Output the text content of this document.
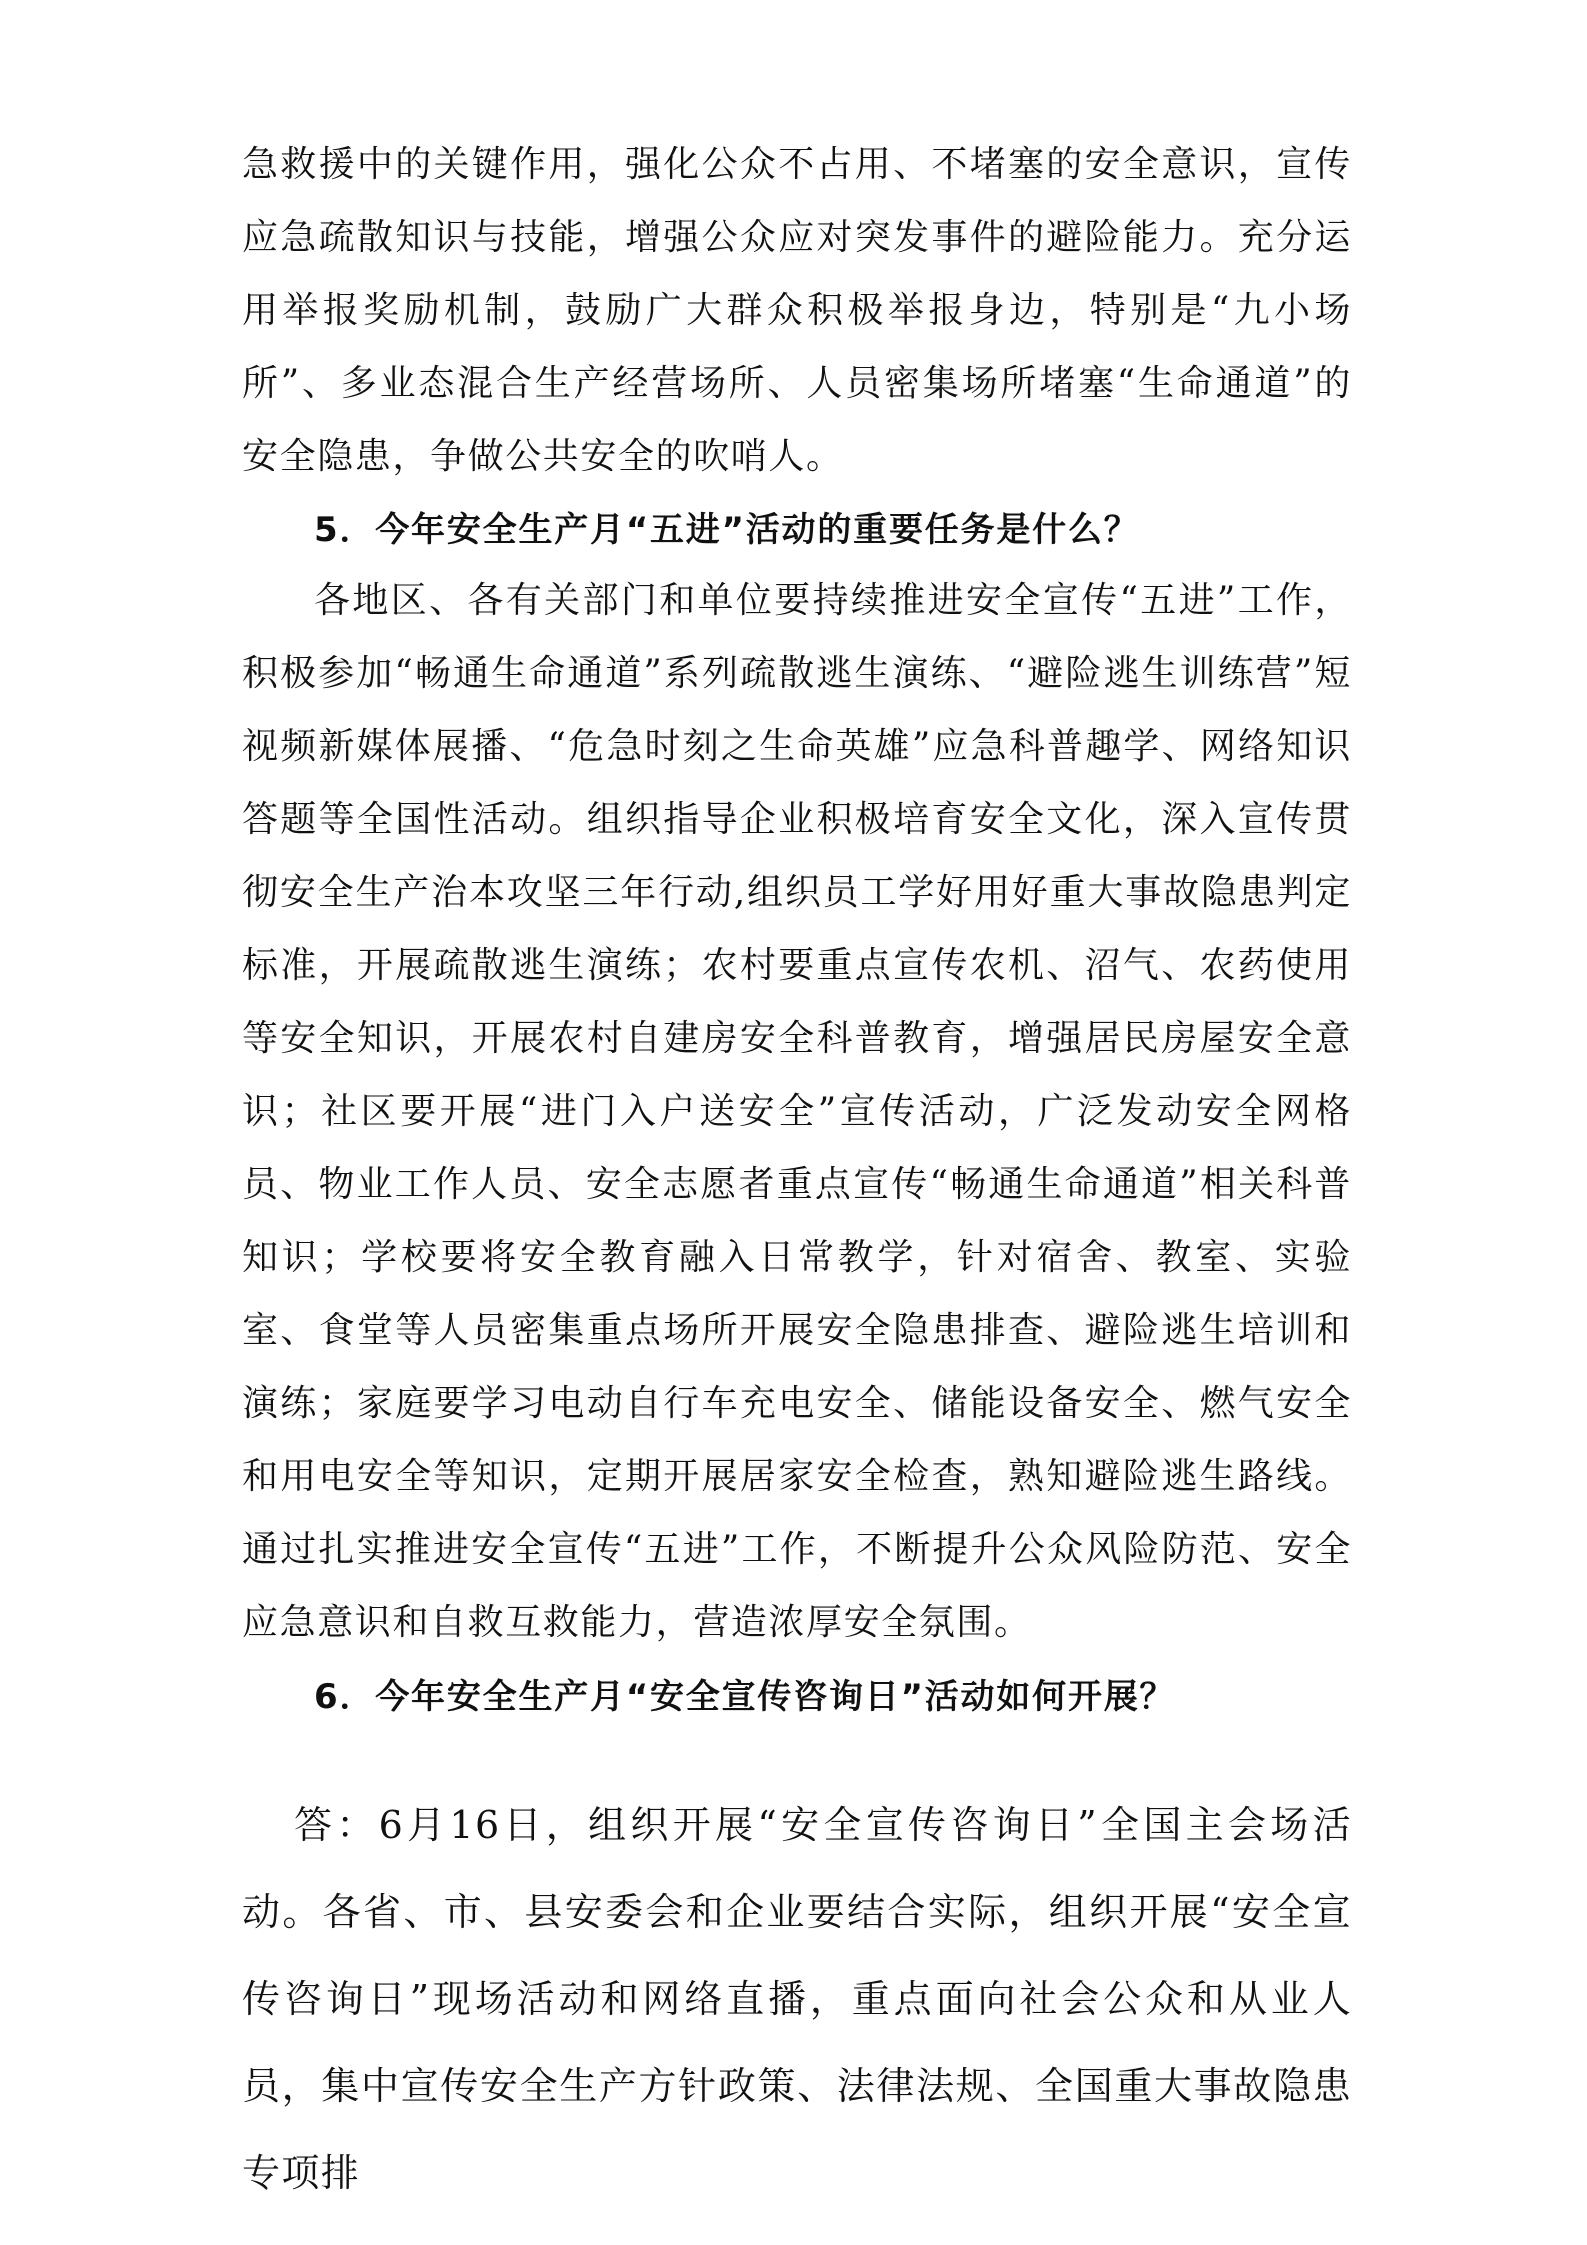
急救援中的关键作用，强化公众不占用、不堵塞的安全意识，宣传应急疏散知识与技能，增强公众应对突发事件的避险能力。充分运用举报奖励机制，鼓励广大群众积极举报身边，特别是“九小场所”、多业态混合生产经营场所、人员密集场所堵塞“生命通道”的安全隐患，争做公共安全的吹哨人。

5．今年安全生产月“五进”活动的重要任务是什么？

各地区、各有关部门和单位要持续推进安全宣传“五进”工作，积极参加“畅通生命通道”系列疏散逃生演练、“避险逃生训练营”短视频新媒体展播、“危急时刻之生命英雄”应急科普趣学、网络知识答题等全国性活动。组织指导企业积极培育安全文化，深入宣传贯彻安全生产治本攻坚三年行动,组织员工学好用好重大事故隐患判定标准，开展疏散逃生演练；农村要重点宣传农机、沼气、农药使用等安全知识，开展农村自建房安全科普教育，增强居民房屋安全意识；社区要开展“进门入户送安全”宣传活动，广泛发动安全网格员、物业工作人员、安全志愿者重点宣传“畅通生命通道”相关科普知识；学校要将安全教育融入日常教学，针对宿舍、教室、实验室、食堂等人员密集重点场所开展安全隐患排查、避险逃生培训和演练；家庭要学习电动自行车充电安全、储能设备安全、燃气安全和用电安全等知识，定期开展居家安全检查，熟知避险逃生路线。通过扎实推进安全宣传“五进”工作，不断提升公众风险防范、安全应急意识和自救互救能力，营造浓厚安全氛围。

6．今年安全生产月“安全宣传咨询日”活动如何开展？

答：6月16日，组织开展“安全宣传咨询日”全国主会场活动。各省、市、县安委会和企业要结合实际，组织开展“安全宣传咨询日”现场活动和网络直播，重点面向社会公众和从业人员，集中宣传安全生产方针政策、法律法规、全国重大事故隐患专项排
